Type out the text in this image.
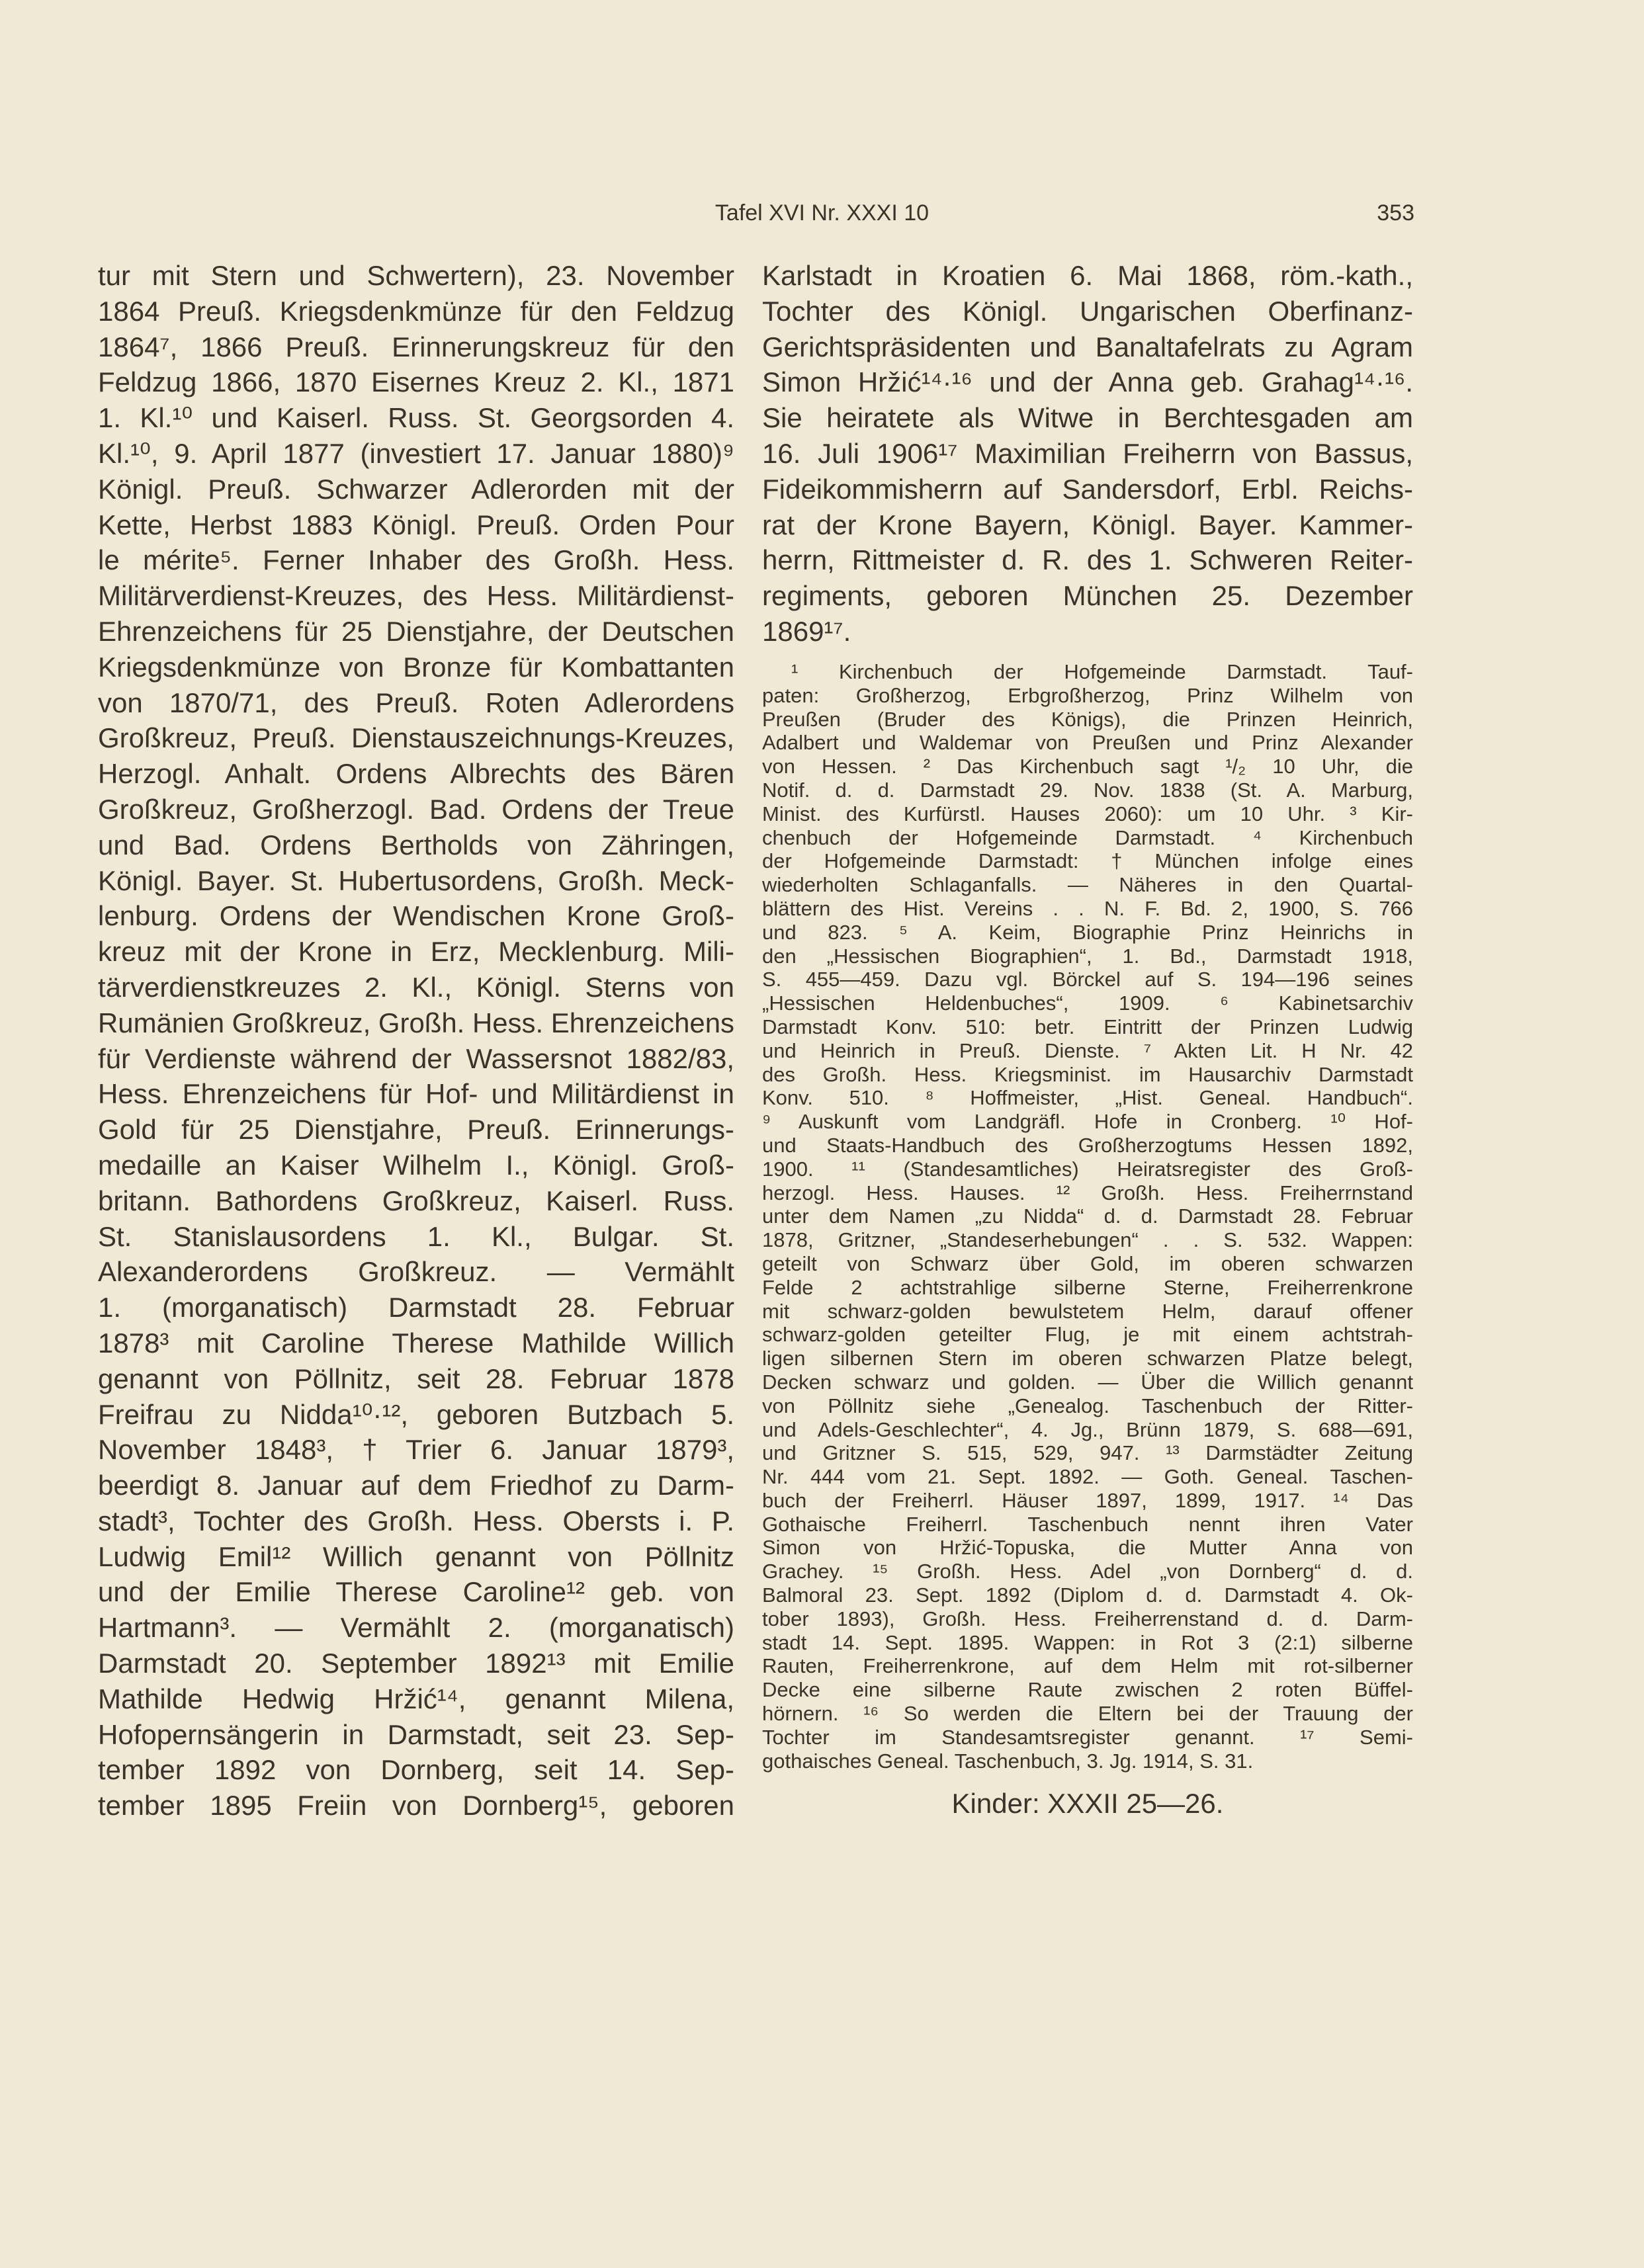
Tafel XVI Nr. XXXI 10	353
tur mit Stern und Schwertern), 23. November
1864 Preuß. Kriegsdenkmünze für den Feldzug
1864⁷, 1866 Preuß. Erinnerungskreuz für den
Feldzug 1866, 1870 Eisernes Kreuz 2. Kl., 1871
1. Kl.¹⁰ und Kaiserl. Russ. St. Georgsorden 4.
Kl.¹⁰, 9. April 1877 (investiert 17. Januar 1880)⁹
Königl. Preuß. Schwarzer Adlerorden mit der
Kette, Herbst 1883 Königl. Preuß. Orden Pour
le mérite⁵. Ferner Inhaber des Großh. Hess.
Militärverdienst-Kreuzes, des Hess. Militärdienst-
Ehrenzeichens für 25 Dienstjahre, der Deutschen
Kriegsdenkmünze von Bronze für Kombattanten
von 1870/71, des Preuß. Roten Adlerordens
Großkreuz, Preuß. Dienstauszeichnungs-Kreuzes,
Herzogl. Anhalt. Ordens Albrechts des Bären
Großkreuz, Großherzogl. Bad. Ordens der Treue
und Bad. Ordens Bertholds von Zähringen,
Königl. Bayer. St. Hubertusordens, Großh. Meck-
lenburg. Ordens der Wendischen Krone Groß-
kreuz mit der Krone in Erz, Mecklenburg. Mili-
tärverdienstkreuzes 2. Kl., Königl. Sterns von
Rumänien Großkreuz, Großh. Hess. Ehrenzeichens
für Verdienste während der Wassersnot 1882/83,
Hess. Ehrenzeichens für Hof- und Militärdienst in
Gold für 25 Dienstjahre, Preuß. Erinnerungs-
medaille an Kaiser Wilhelm I., Königl. Groß-
britann. Bathordens Großkreuz, Kaiserl. Russ.
St. Stanislausordens 1. Kl., Bulgar. St.
Alexanderordens Großkreuz. — Vermählt
1. (morganatisch) Darmstadt 28. Februar
1878³ mit Caroline Therese Mathilde Willich
genannt von Pöllnitz, seit 28. Februar 1878
Freifrau zu Nidda¹⁰·¹², geboren Butzbach 5.
November 1848³, † Trier 6. Januar 1879³,
beerdigt 8. Januar auf dem Friedhof zu Darm-
stadt³, Tochter des Großh. Hess. Obersts i. P.
Ludwig Emil¹² Willich genannt von Pöllnitz
und der Emilie Therese Caroline¹² geb. von
Hartmann³. — Vermählt 2. (morganatisch)
Darmstadt 20. September 1892¹³ mit Emilie
Mathilde Hedwig Hržić¹⁴, genannt Milena,
Hofopernsängerin in Darmstadt, seit 23. Sep-
tember 1892 von Dornberg, seit 14. Sep-
tember 1895 Freiin von Dornberg¹⁵, geboren
Karlstadt in Kroatien 6. Mai 1868, röm.-kath.,
Tochter des Königl. Ungarischen Oberfinanz-
Gerichtspräsidenten und Banaltafelrats zu Agram
Simon Hržić¹⁴·¹⁶ und der Anna geb. Grahag¹⁴·¹⁶.
Sie heiratete als Witwe in Berchtesgaden am
16. Juli 1906¹⁷ Maximilian Freiherrn von Bassus,
Fideikommisherrn auf Sandersdorf, Erbl. Reichs-
rat der Krone Bayern, Königl. Bayer. Kammer-
herrn, Rittmeister d. R. des 1. Schweren Reiter-
regiments, geboren München 25. Dezember
1869¹⁷.
¹ Kirchenbuch der Hofgemeinde Darmstadt. Tauf-
paten: Großherzog, Erbgroßherzog, Prinz Wilhelm von
Preußen (Bruder des Königs), die Prinzen Heinrich,
Adalbert und Waldemar von Preußen und Prinz Alexander
von Hessen. ² Das Kirchenbuch sagt ¹/₂ 10 Uhr, die
Notif. d. d. Darmstadt 29. Nov. 1838 (St. A. Marburg,
Minist. des Kurfürstl. Hauses 2060): um 10 Uhr. ³ Kir-
chenbuch der Hofgemeinde Darmstadt. ⁴ Kirchenbuch
der Hofgemeinde Darmstadt: † München infolge eines
wiederholten Schlaganfalls. — Näheres in den Quartal-
blättern des Hist. Vereins . . N. F. Bd. 2, 1900, S. 766
und 823. ⁵ A. Keim, Biographie Prinz Heinrichs in
den „Hessischen Biographien“, 1. Bd., Darmstadt 1918,
S. 455—459. Dazu vgl. Börckel auf S. 194—196 seines
„Hessischen Heldenbuches“, 1909. ⁶ Kabinetsarchiv
Darmstadt Konv. 510: betr. Eintritt der Prinzen Ludwig
und Heinrich in Preuß. Dienste. ⁷ Akten Lit. H Nr. 42
des Großh. Hess. Kriegsminist. im Hausarchiv Darmstadt
Konv. 510. ⁸ Hoffmeister, „Hist. Geneal. Handbuch“.
⁹ Auskunft vom Landgräfl. Hofe in Cronberg. ¹⁰ Hof-
und Staats-Handbuch des Großherzogtums Hessen 1892,
1900. ¹¹ (Standesamtliches) Heiratsregister des Groß-
herzogl. Hess. Hauses. ¹² Großh. Hess. Freiherrnstand
unter dem Namen „zu Nidda“ d. d. Darmstadt 28. Februar
1878, Gritzner, „Standeserhebungen“ . . S. 532. Wappen:
geteilt von Schwarz über Gold, im oberen schwarzen
Felde 2 achtstrahlige silberne Sterne, Freiherrenkrone
mit schwarz-golden bewulstetem Helm, darauf offener
schwarz-golden geteilter Flug, je mit einem achtstrah-
ligen silbernen Stern im oberen schwarzen Platze belegt,
Decken schwarz und golden. — Über die Willich genannt
von Pöllnitz siehe „Genealog. Taschenbuch der Ritter-
und Adels-Geschlechter“, 4. Jg., Brünn 1879, S. 688—691,
und Gritzner S. 515, 529, 947. ¹³ Darmstädter Zeitung
Nr. 444 vom 21. Sept. 1892. — Goth. Geneal. Taschen-
buch der Freiherrl. Häuser 1897, 1899, 1917. ¹⁴ Das
Gothaische Freiherrl. Taschenbuch nennt ihren Vater
Simon von Hržić-Topuska, die Mutter Anna von
Grachey. ¹⁵ Großh. Hess. Adel „von Dornberg“ d. d.
Balmoral 23. Sept. 1892 (Diplom d. d. Darmstadt 4. Ok-
tober 1893), Großh. Hess. Freiherrenstand d. d. Darm-
stadt 14. Sept. 1895. Wappen: in Rot 3 (2:1) silberne
Rauten, Freiherrenkrone, auf dem Helm mit rot-silberner
Decke eine silberne Raute zwischen 2 roten Büffel-
hörnern. ¹⁶ So werden die Eltern bei der Trauung der
Tochter im Standesamtsregister genannt. ¹⁷ Semi-
gothaisches Geneal. Taschenbuch, 3. Jg. 1914, S. 31.
Kinder: XXXII 25—26.
